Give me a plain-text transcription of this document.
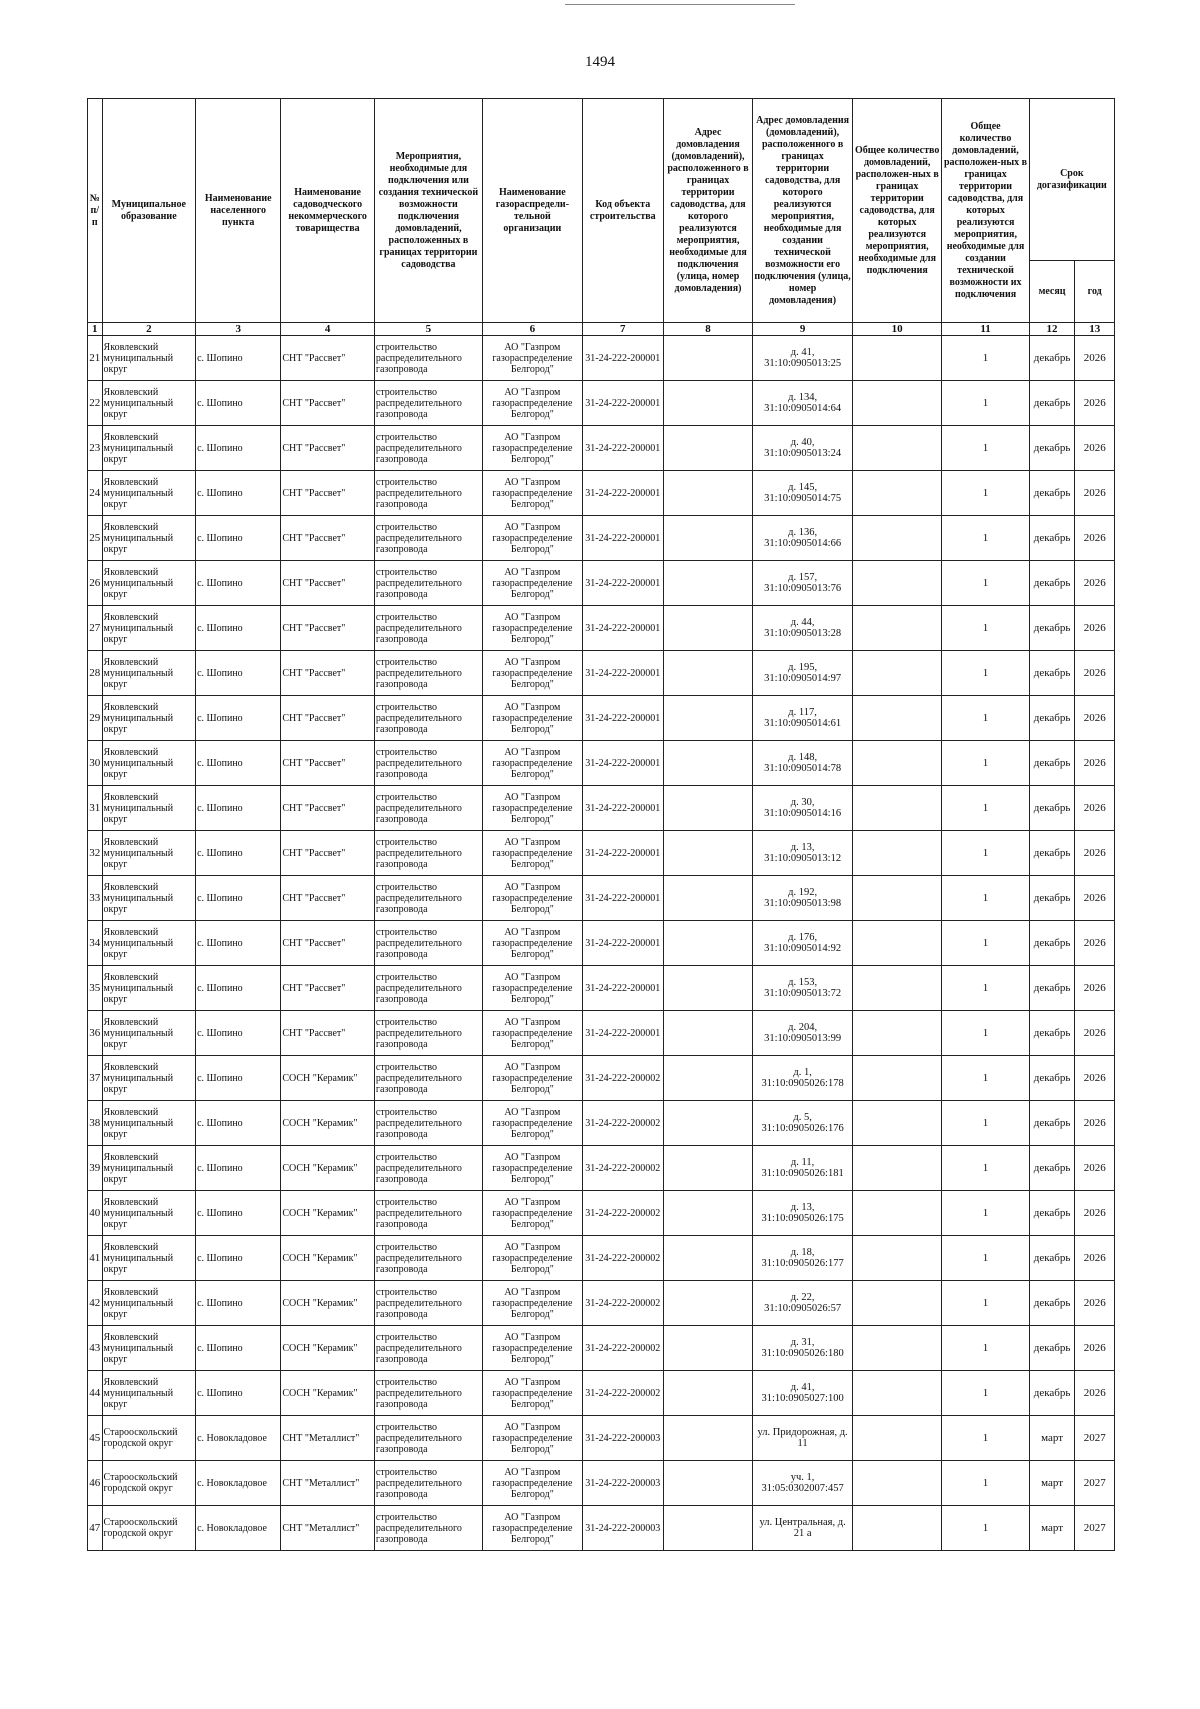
1494
№ п/п	Муниципальное образование	Наименование населенного пункта	Наименование садоводческого некоммерческого товарищества	Мероприятия, необходимые для подключения или создания технической возможности подключения домовладений, расположенных в границах территории садоводства	Наименование газораспредели-тельной организации	Код объекта строительства	Адрес домовладения (домовладений), расположенного в границах территории садоводства, для которого реализуются мероприятия, необходимые для подключения (улица, номер домовладения)	Адрес домовладения (домовладений), расположенного в границах территории садоводства, для которого реализуются мероприятия, необходимые для создании технической возможности его подключения (улица, номер домовладения)	Общее количество домовладений, расположен-ных в границах территории садоводства, для которых реализуются мероприятия, необходимые для подключения	Общее количество домовладений, расположен-ных в границах территории садоводства, для которых реализуются мероприятия, необходимые для создании технической возможности их подключения	Срок догазификации	
											месяц	год
1	2	3	4	5	6	7	8	9	10	11	12	13
21	Яковлевский муниципальный округ	с. Шопино	СНТ "Рассвет"	строительство распределительного газопровода	АО "Газпром газораспределение Белгород"	31-24-222-200001		д. 41, 31:10:0905013:25		1	декабрь	2026
22	Яковлевский муниципальный округ	с. Шопино	СНТ "Рассвет"	строительство распределительного газопровода	АО "Газпром газораспределение Белгород"	31-24-222-200001		д. 134, 31:10:0905014:64		1	декабрь	2026
23	Яковлевский муниципальный округ	с. Шопино	СНТ "Рассвет"	строительство распределительного газопровода	АО "Газпром газораспределение Белгород"	31-24-222-200001		д. 40, 31:10:0905013:24		1	декабрь	2026
24	Яковлевский муниципальный округ	с. Шопино	СНТ "Рассвет"	строительство распределительного газопровода	АО "Газпром газораспределение Белгород"	31-24-222-200001		д. 145, 31:10:0905014:75		1	декабрь	2026
25	Яковлевский муниципальный округ	с. Шопино	СНТ "Рассвет"	строительство распределительного газопровода	АО "Газпром газораспределение Белгород"	31-24-222-200001		д. 136, 31:10:0905014:66		1	декабрь	2026
26	Яковлевский муниципальный округ	с. Шопино	СНТ "Рассвет"	строительство распределительного газопровода	АО "Газпром газораспределение Белгород"	31-24-222-200001		д. 157, 31:10:0905013:76		1	декабрь	2026
27	Яковлевский муниципальный округ	с. Шопино	СНТ "Рассвет"	строительство распределительного газопровода	АО "Газпром газораспределение Белгород"	31-24-222-200001		д. 44, 31:10:0905013:28		1	декабрь	2026
28	Яковлевский муниципальный округ	с. Шопино	СНТ "Рассвет"	строительство распределительного газопровода	АО "Газпром газораспределение Белгород"	31-24-222-200001		д. 195, 31:10:0905014:97		1	декабрь	2026
29	Яковлевский муниципальный округ	с. Шопино	СНТ "Рассвет"	строительство распределительного газопровода	АО "Газпром газораспределение Белгород"	31-24-222-200001		д. 117, 31:10:0905014:61		1	декабрь	2026
30	Яковлевский муниципальный округ	с. Шопино	СНТ "Рассвет"	строительство распределительного газопровода	АО "Газпром газораспределение Белгород"	31-24-222-200001		д. 148, 31:10:0905014:78		1	декабрь	2026
31	Яковлевский муниципальный округ	с. Шопино	СНТ "Рассвет"	строительство распределительного газопровода	АО "Газпром газораспределение Белгород"	31-24-222-200001		д. 30, 31:10:0905014:16		1	декабрь	2026
32	Яковлевский муниципальный округ	с. Шопино	СНТ "Рассвет"	строительство распределительного газопровода	АО "Газпром газораспределение Белгород"	31-24-222-200001		д. 13, 31:10:0905013:12		1	декабрь	2026
33	Яковлевский муниципальный округ	с. Шопино	СНТ "Рассвет"	строительство распределительного газопровода	АО "Газпром газораспределение Белгород"	31-24-222-200001		д. 192, 31:10:0905013:98		1	декабрь	2026
34	Яковлевский муниципальный округ	с. Шопино	СНТ "Рассвет"	строительство распределительного газопровода	АО "Газпром газораспределение Белгород"	31-24-222-200001		д. 176, 31:10:0905014:92		1	декабрь	2026
35	Яковлевский муниципальный округ	с. Шопино	СНТ "Рассвет"	строительство распределительного газопровода	АО "Газпром газораспределение Белгород"	31-24-222-200001		д. 153, 31:10:0905013:72		1	декабрь	2026
36	Яковлевский муниципальный округ	с. Шопино	СНТ "Рассвет"	строительство распределительного газопровода	АО "Газпром газораспределение Белгород"	31-24-222-200001		д. 204, 31:10:0905013:99		1	декабрь	2026
37	Яковлевский муниципальный округ	с. Шопино	СОСН "Керамик"	строительство распределительного газопровода	АО "Газпром газораспределение Белгород"	31-24-222-200002		д. 1, 31:10:0905026:178		1	декабрь	2026
38	Яковлевский муниципальный округ	с. Шопино	СОСН "Керамик"	строительство распределительного газопровода	АО "Газпром газораспределение Белгород"	31-24-222-200002		д. 5, 31:10:0905026:176		1	декабрь	2026
39	Яковлевский муниципальный округ	с. Шопино	СОСН "Керамик"	строительство распределительного газопровода	АО "Газпром газораспределение Белгород"	31-24-222-200002		д. 11, 31:10:0905026:181		1	декабрь	2026
40	Яковлевский муниципальный округ	с. Шопино	СОСН "Керамик"	строительство распределительного газопровода	АО "Газпром газораспределение Белгород"	31-24-222-200002		д. 13, 31:10:0905026:175		1	декабрь	2026
41	Яковлевский муниципальный округ	с. Шопино	СОСН "Керамик"	строительство распределительного газопровода	АО "Газпром газораспределение Белгород"	31-24-222-200002		д. 18, 31:10:0905026:177		1	декабрь	2026
42	Яковлевский муниципальный округ	с. Шопино	СОСН "Керамик"	строительство распределительного газопровода	АО "Газпром газораспределение Белгород"	31-24-222-200002		д. 22, 31:10:0905026:57		1	декабрь	2026
43	Яковлевский муниципальный округ	с. Шопино	СОСН "Керамик"	строительство распределительного газопровода	АО "Газпром газораспределение Белгород"	31-24-222-200002		д. 31, 31:10:0905026:180		1	декабрь	2026
44	Яковлевский муниципальный округ	с. Шопино	СОСН "Керамик"	строительство распределительного газопровода	АО "Газпром газораспределение Белгород"	31-24-222-200002		д. 41, 31:10:0905027:100		1	декабрь	2026
45	Старооскольский городской округ	с. Новокладовое	СНТ "Металлист"	строительство распределительного газопровода	АО "Газпром газораспределение Белгород"	31-24-222-200003		ул. Придорожная, д. 11		1	март	2027
46	Старооскольский городской округ	с. Новокладовое	СНТ "Металлист"	строительство распределительного газопровода	АО "Газпром газораспределение Белгород"	31-24-222-200003		уч. 1, 31:05:0302007:457		1	март	2027
47	Старооскольский городской округ	с. Новокладовое	СНТ "Металлист"	строительство распределительного газопровода	АО "Газпром газораспределение Белгород"	31-24-222-200003		ул. Центральная, д. 21 а		1	март	2027
